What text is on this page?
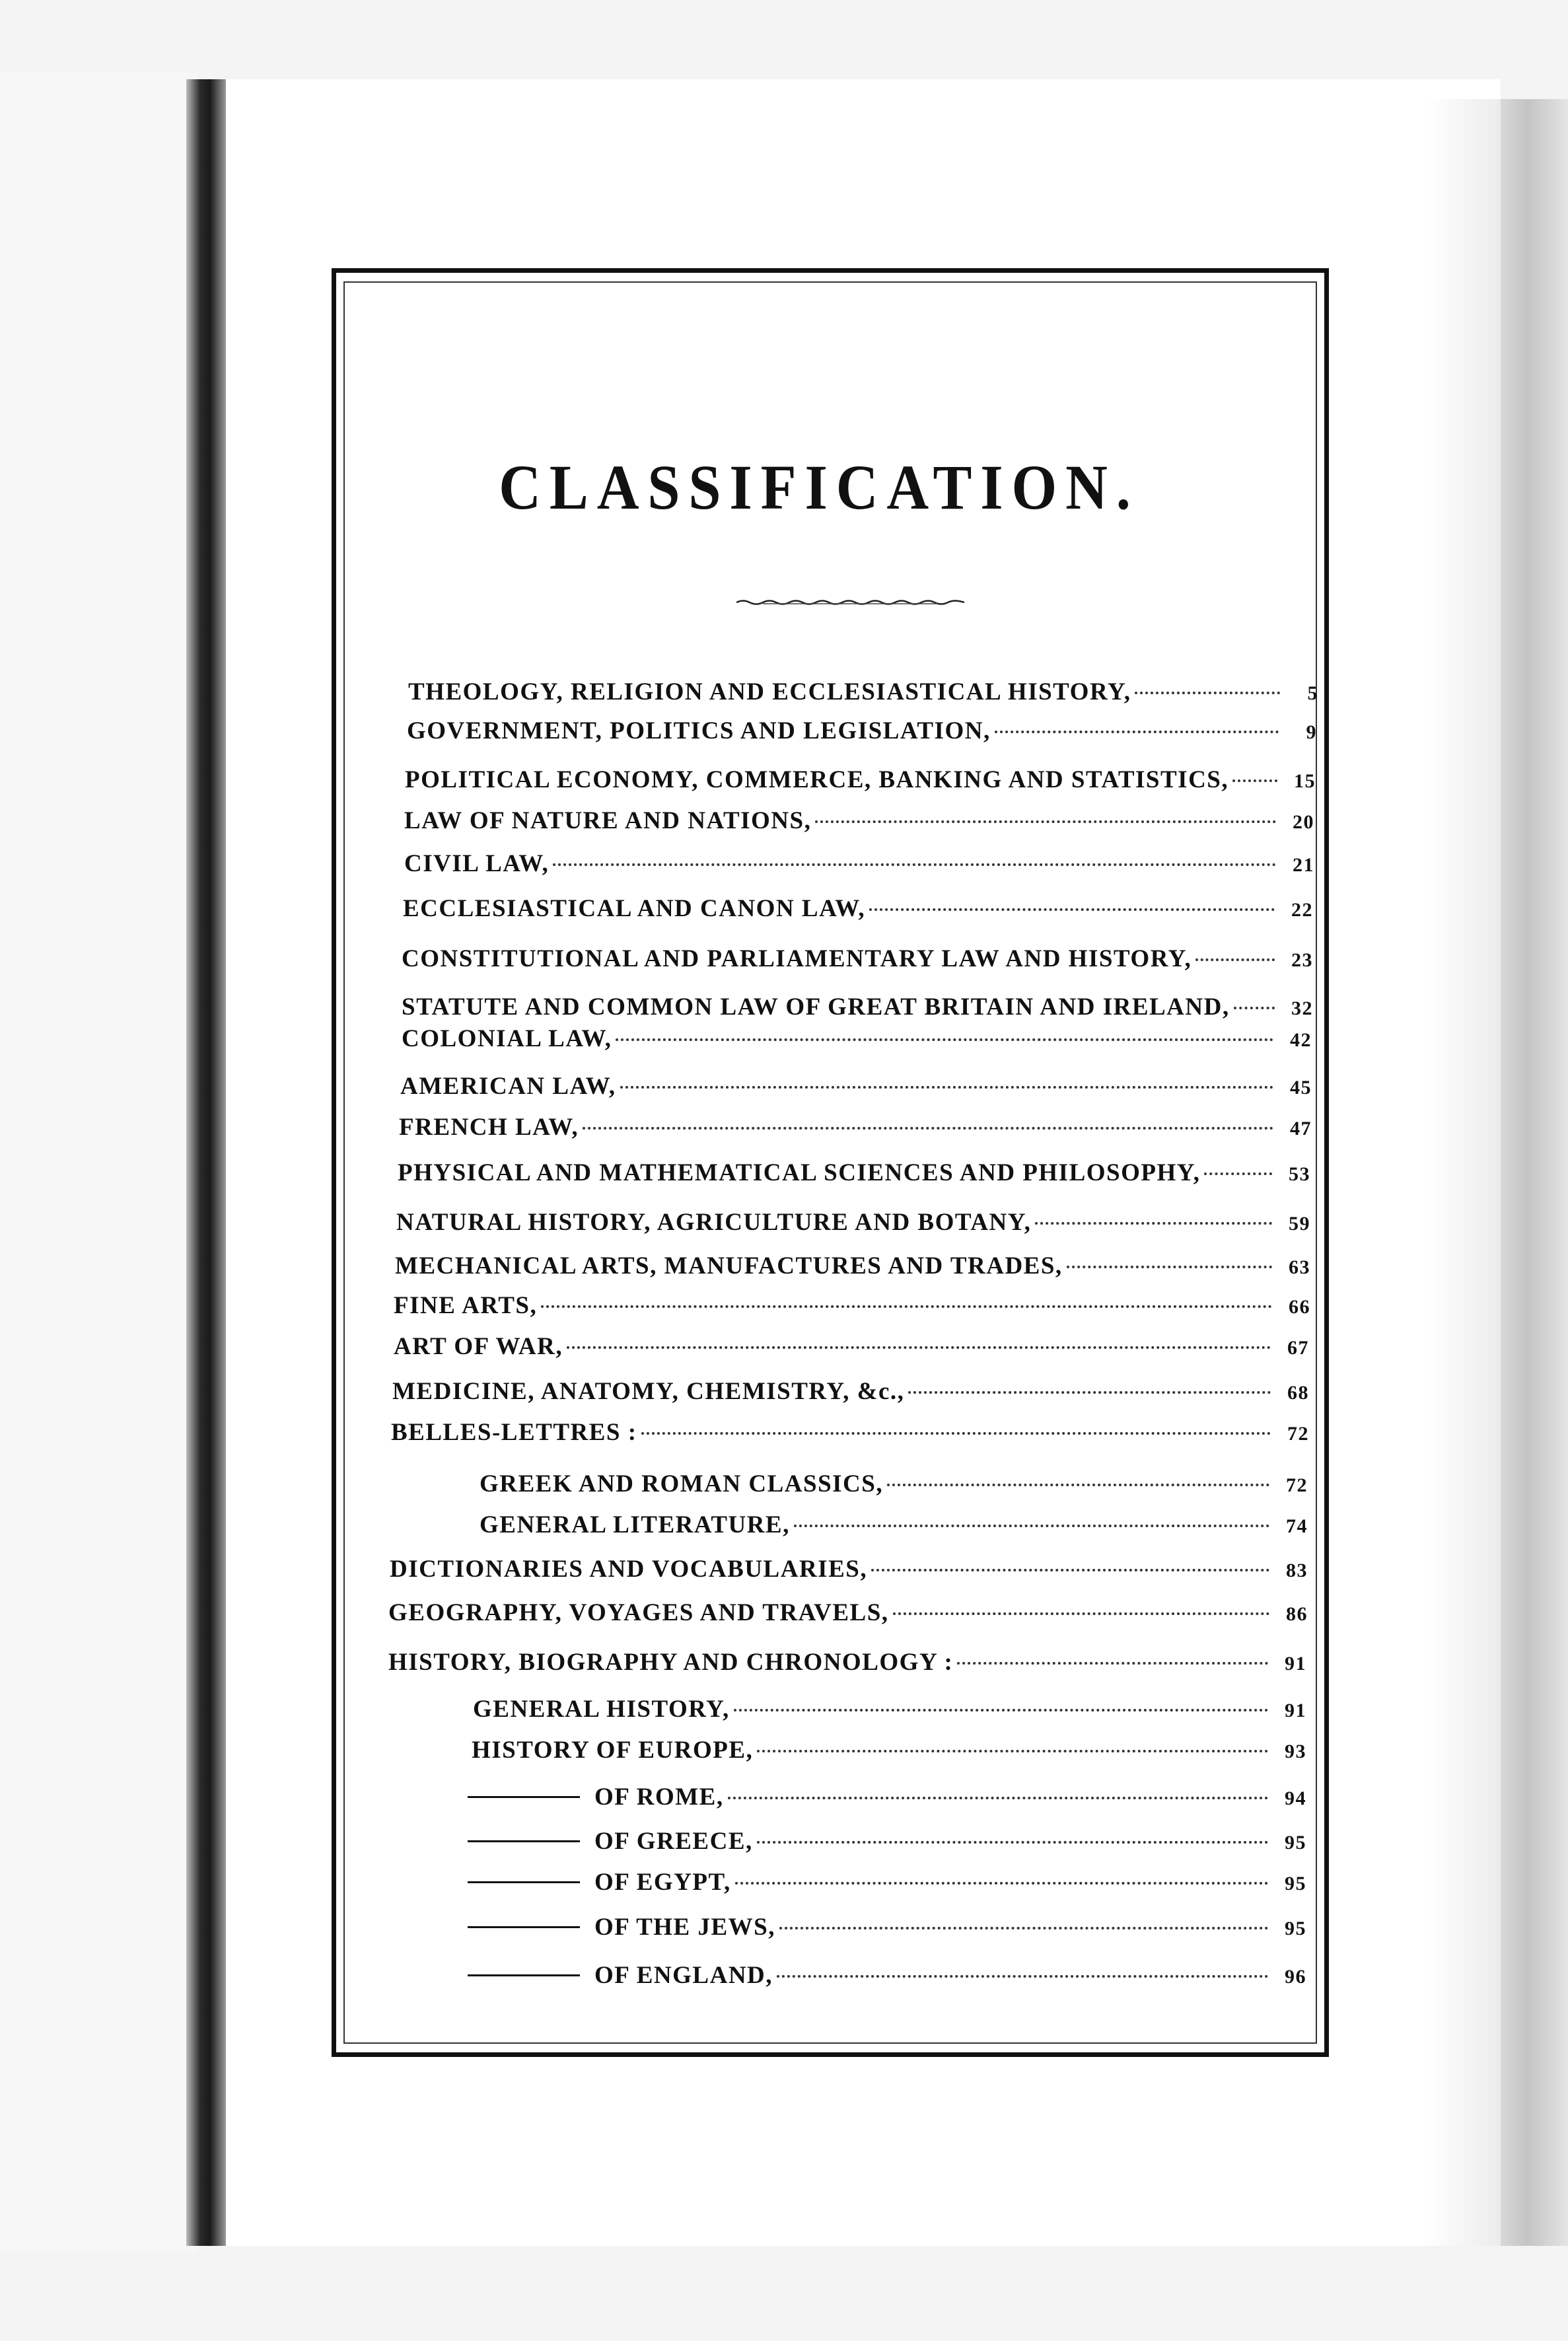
CLASSIFICATION.
THEOLOGY, RELIGION AND ECCLESIASTICAL HISTORY,	5
GOVERNMENT, POLITICS AND LEGISLATION,	9
POLITICAL ECONOMY, COMMERCE, BANKING AND STATISTICS,	15
LAW OF NATURE AND NATIONS,	20
CIVIL LAW,	21
ECCLESIASTICAL AND CANON LAW,	22
CONSTITUTIONAL AND PARLIAMENTARY LAW AND HISTORY,	23
STATUTE AND COMMON LAW OF GREAT BRITAIN AND IRELAND,	32
COLONIAL LAW,	42
AMERICAN LAW,	45
FRENCH LAW,	47
PHYSICAL AND MATHEMATICAL SCIENCES AND PHILOSOPHY,	53
NATURAL HISTORY, AGRICULTURE AND BOTANY,	59
MECHANICAL ARTS, MANUFACTURES AND TRADES,	63
FINE ARTS,	66
ART OF WAR,	67
MEDICINE, ANATOMY, CHEMISTRY, &c.,	68
BELLES-LETTRES :	72
GREEK AND ROMAN CLASSICS,	72
GENERAL LITERATURE,	74
DICTIONARIES AND VOCABULARIES,	83
GEOGRAPHY, VOYAGES AND TRAVELS,	86
HISTORY, BIOGRAPHY AND CHRONOLOGY :	91
GENERAL HISTORY,	91
HISTORY OF EUROPE,	93
OF ROME,	94
OF GREECE,	95
OF EGYPT,	95
OF THE JEWS,	95
OF ENGLAND,	96
